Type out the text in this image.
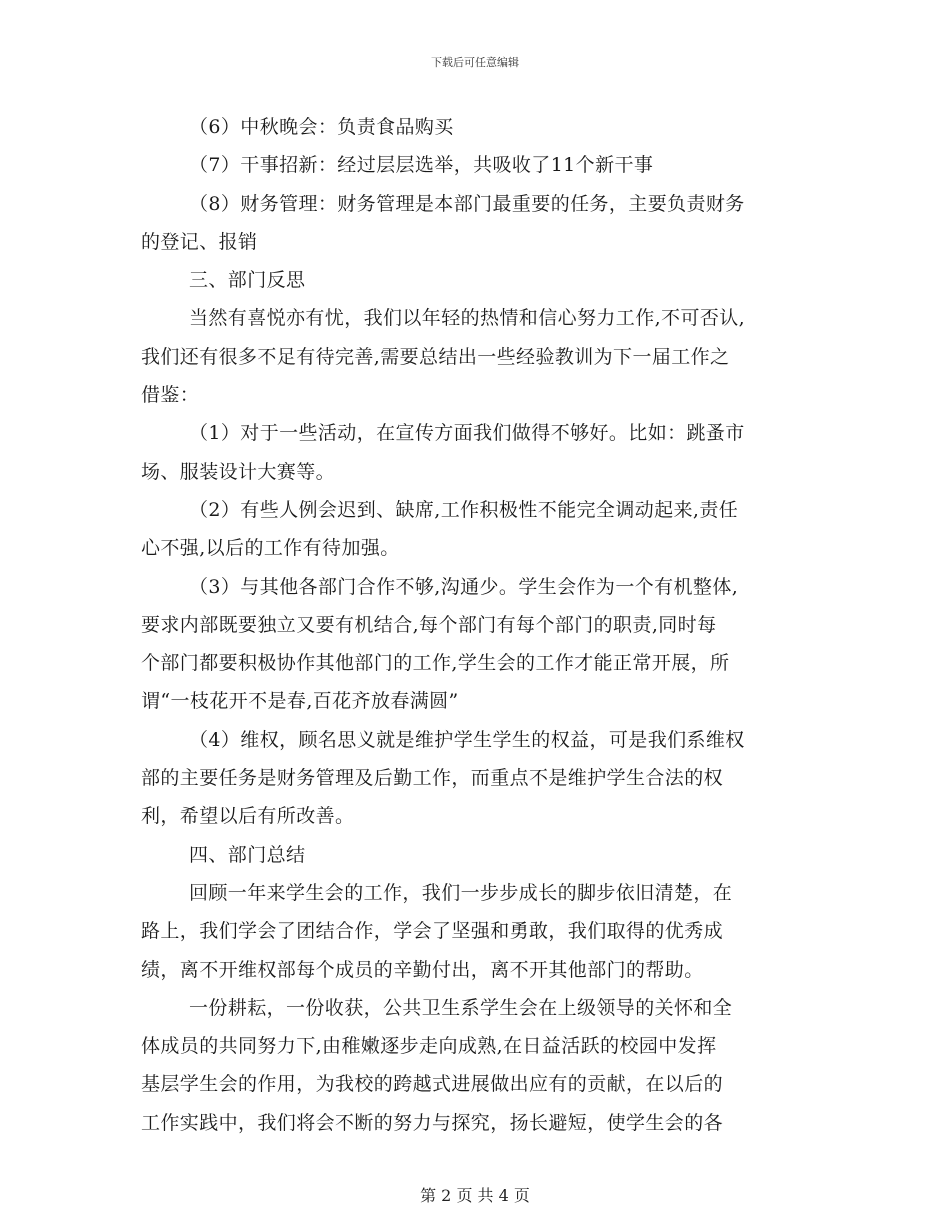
下载后可任意编辑
（6）中秋晚会：负责食品购买
（7）干事招新：经过层层选举，共吸收了11个新干事
（8）财务管理：财务管理是本部门最重要的任务，主要负责财务
的登记、报销
三、部门反思
当然有喜悦亦有忧，我们以年轻的热情和信心努力工作,不可否认,
我们还有很多不足有待完善,需要总结出一些经验教训为下一届工作之
借鉴：
（1）对于一些活动，在宣传方面我们做得不够好。比如：跳蚤市
场、服装设计大赛等。
（2）有些人例会迟到、缺席,工作积极性不能完全调动起来,责任
心不强,以后的工作有待加强。
（3）与其他各部门合作不够,沟通少。学生会作为一个有机整体,
要求内部既要独立又要有机结合,每个部门有每个部门的职责,同时每
个部门都要积极协作其他部门的工作,学生会的工作才能正常开展，所
谓“一枝花开不是春,百花齐放春满圆”
（4）维权，顾名思义就是维护学生学生的权益，可是我们系维权
部的主要任务是财务管理及后勤工作，而重点不是维护学生合法的权
利，希望以后有所改善。
四、部门总结
回顾一年来学生会的工作，我们一步步成长的脚步依旧清楚，在
路上，我们学会了团结合作，学会了坚强和勇敢，我们取得的优秀成
绩，离不开维权部每个成员的辛勤付出，离不开其他部门的帮助。
一份耕耘，一份收获，公共卫生系学生会在上级领导的关怀和全
体成员的共同努力下,由稚嫩逐步走向成熟,在日益活跃的校园中发挥
基层学生会的作用，为我校的跨越式进展做出应有的贡献，在以后的
工作实践中，我们将会不断的努力与探究，扬长避短，使学生会的各
第 2 页 共 4 页
